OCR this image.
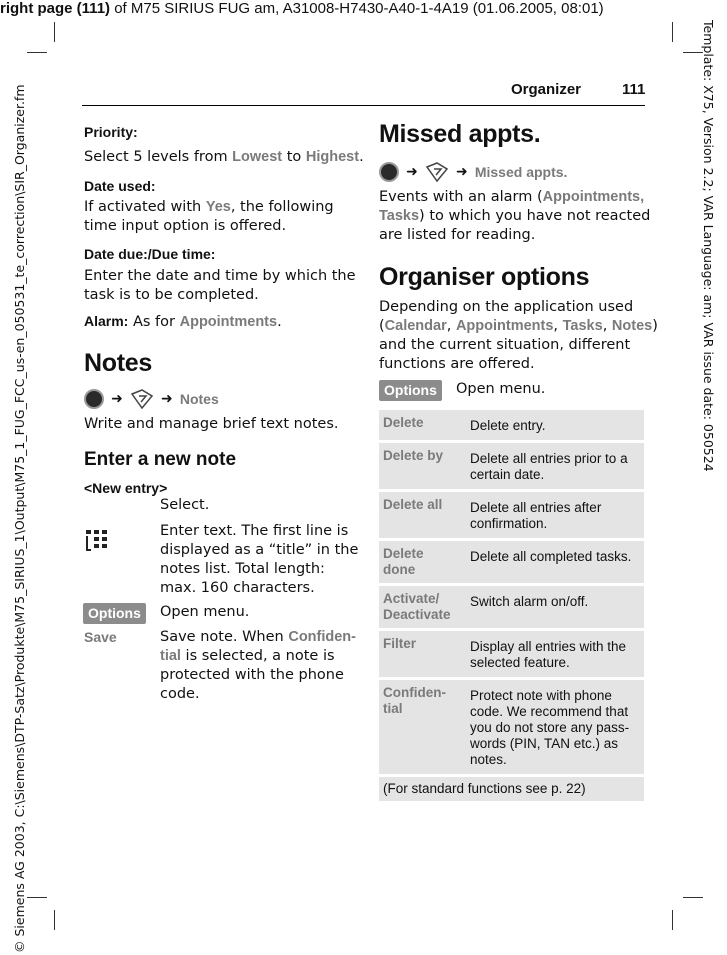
right page (111) of M75 SIRIUS FUG am, A31008-H7430-A40-1-4A19 (01.06.2005, 08:01)
© Siemens AG 2003, C:\Siemens\DTP-Satz\Produkte\M75_SIRIUS_1\Output\M75_1_FUG_FCC_us-en_050531_te_correction\SIR_Organizer.fm	Template: X75, Version 2.2; VAR Language: am; VAR issue date: 050524
Organizer	111
Priority:
Select 5 levels from Lowest to Highest.
Date used:
If activated with Yes, the following
time input option is offered.
Date due:/Due time:
Enter the date and time by which the
task is to be completed.
Alarm: As for Appointments.
Notes
➜	➜ Notes
Write and manage brief text notes.
Enter a new note
<New entry>
Select.
Enter text. The first line is
displayed as a “title” in the
notes list. Total length:
max. 160 characters.
Options	Open menu.
Save	Save note. When Confiden-
tial is selected, a note is
protected with the phone
code.
Missed appts.
➜	➜ Missed appts.
Events with an alarm (Appointments,
Tasks) to which you have not reacted
are listed for reading.
Organiser options
Depending on the application used
(Calendar, Appointments, Tasks, Notes)
and the current situation, different
functions are offered.
Options	Open menu.
Delete	Delete entry.
Delete by	Delete all entries prior to a certain date.
Delete all	Delete all entries after confirmation.
Delete done	Delete all completed tasks.
Activate/ Deactivate	Switch alarm on/off.
Filter	Display all entries with the selected feature.
Confiden-tial	Protect note with phone code. We recommend that you do not store any pass-words (PIN, TAN etc.) as notes.
(For standard functions see p. 22)	
